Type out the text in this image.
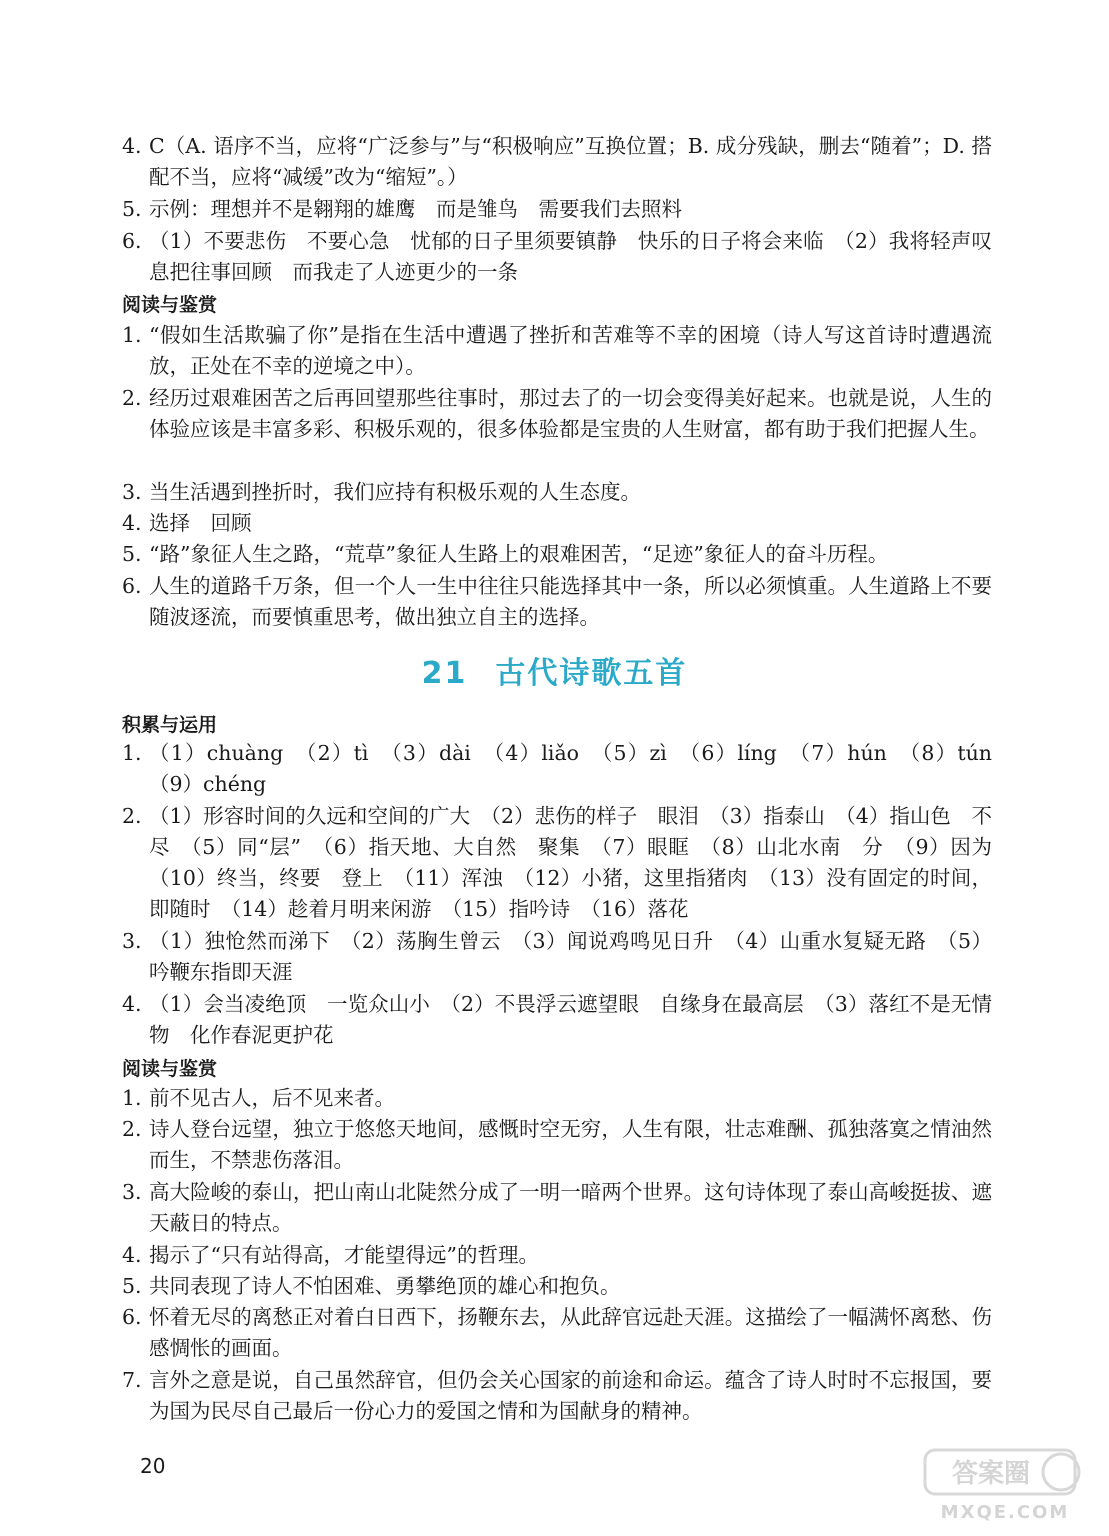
4. C（A. 语序不当，应将“广泛参与”与“积极响应”互换位置；B. 成分残缺，删去“随着”；D. 搭配不当，应将“减缓”改为“缩短”。）
5. 示例：理想并不是翱翔的雄鹰　而是雏鸟　需要我们去照料
6. （1）不要悲伤　不要心急　忧郁的日子里须要镇静　快乐的日子将会来临　（2）我将轻声叹息把往事回顾　而我走了人迹更少的一条
阅读与鉴赏
1. “假如生活欺骗了你”是指在生活中遭遇了挫折和苦难等不幸的困境（诗人写这首诗时遭遇流放，正处在不幸的逆境之中）。
2. 经历过艰难困苦之后再回望那些往事时，那过去了的一切会变得美好起来。也就是说，人生的体验应该是丰富多彩、积极乐观的，很多体验都是宝贵的人生财富，都有助于我们把握人生。
3. 当生活遇到挫折时，我们应持有积极乐观的人生态度。
4. 选择　回顾
5. “路”象征人生之路，“荒草”象征人生路上的艰难困苦，“足迹”象征人的奋斗历程。
6. 人生的道路千万条，但一个人一生中往往只能选择其中一条，所以必须慎重。人生道路上不要随波逐流，而要慎重思考，做出独立自主的选择。
21 古代诗歌五首
积累与运用
1. （1）chuàng　（2）tì　（3）dài　（4）liǎo　（5）zì　（6）líng　（7）hún　（8）tún　（9）chéng
2. （1）形容时间的久远和空间的广大　（2）悲伤的样子　眼泪　（3）指泰山　（4）指山色　不尽　（5）同“层”　（6）指天地、大自然　聚集　（7）眼眶　（8）山北水南　分　（9）因为　（10）终当，终要　登上　（11）浑浊　（12）小猪，这里指猪肉　（13）没有固定的时间，即随时　（14）趁着月明来闲游　（15）指吟诗　（16）落花
3. （1）独怆然而涕下　（2）荡胸生曾云　（3）闻说鸡鸣见日升　（4）山重水复疑无路　（5）吟鞭东指即天涯
4. （1）会当凌绝顶　一览众山小　（2）不畏浮云遮望眼　自缘身在最高层　（3）落红不是无情物　化作春泥更护花
阅读与鉴赏
1. 前不见古人，后不见来者。
2. 诗人登台远望，独立于悠悠天地间，感慨时空无穷，人生有限，壮志难酬、孤独落寞之情油然而生，不禁悲伤落泪。
3. 高大险峻的泰山，把山南山北陡然分成了一明一暗两个世界。这句诗体现了泰山高峻挺拔、遮天蔽日的特点。
4. 揭示了“只有站得高，才能望得远”的哲理。
5. 共同表现了诗人不怕困难、勇攀绝顶的雄心和抱负。
6. 怀着无尽的离愁正对着白日西下，扬鞭东去，从此辞官远赴天涯。这描绘了一幅满怀离愁、伤感惆怅的画面。
7. 言外之意是说，自己虽然辞官，但仍会关心国家的前途和命运。蕴含了诗人时时不忘报国，要为国为民尽自己最后一份心力的爱国之情和为国献身的精神。
20	答案圈
MXQE.COM
